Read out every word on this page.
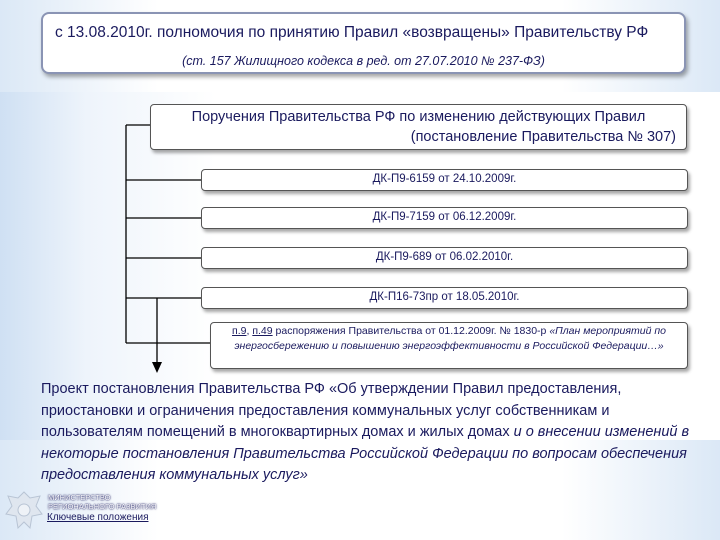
с 13.08.2010г. полномочия по принятию Правил «возвращены» Правительству РФ
(ст. 157 Жилищного кодекса в ред. от 27.07.2010 № 237-ФЗ)
Поручения Правительства РФ по изменению действующих Правил
(постановление Правительства № 307)
ДК-П9-6159 от 24.10.2009г.
ДК-П9-7159 от 06.12.2009г.
ДК-П9-689 от 06.02.2010г.
ДК-П16-73пр от 18.05.2010г.
п.9, п.49 распоряжения Правительства от 01.12.2009г. № 1830-р «План мероприятий по энергосбережению и повышению энергоэффективности в Российской Федерации…»
Проект постановления Правительства РФ «Об утверждении Правил предоставления, приостановки и ограничения предоставления коммунальных услуг собственникам и пользователям помещений в многоквартирных домах и жилых домах и о внесении изменений в некоторые постановления Правительства Российской Федерации по вопросам обеспечения предоставления коммунальных услуг»
МИНИСТЕРСТВО
РЕГИОНАЛЬНОГО РАЗВИТИЯ
Ключевые положения
